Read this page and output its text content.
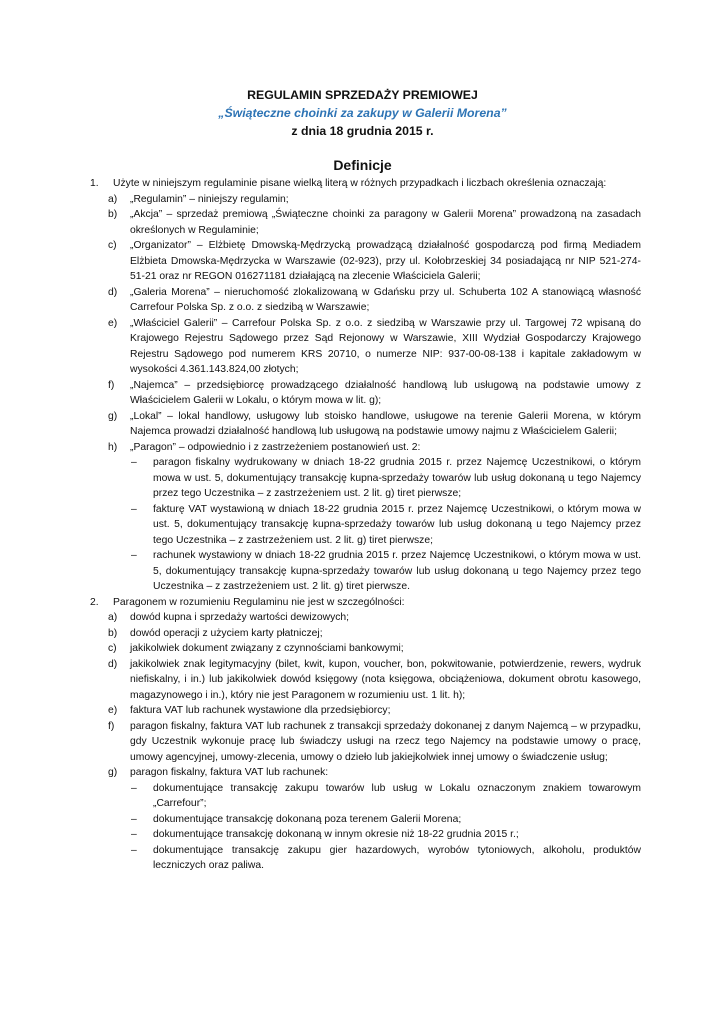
REGULAMIN SPRZEDAŻY PREMIOWEJ
„Świąteczne choinki za zakupy w Galerii Morena”
z dnia 18 grudnia 2015 r.
Definicje
1. Użyte w niniejszym regulaminie pisane wielką literą w różnych przypadkach i liczbach określenia oznaczają:
a) „Regulamin” – niniejszy regulamin;
b) „Akcja” – sprzedaż premiową „Świąteczne choinki za paragony w Galerii Morena” prowadzoną na zasadach określonych w Regulaminie;
c) „Organizator” – Elżbietę Dmowską-Mędrzycką prowadzącą działalność gospodarczą pod firmą Mediadem Elżbieta Dmowska-Mędrzycka w Warszawie (02-923), przy ul. Kołobrzeskiej 34 posiadającą nr NIP 521-274-51-21 oraz nr REGON 016271181 działającą na zlecenie Właściciela Galerii;
d) „Galeria Morena” – nieruchomość zlokalizowaną w Gdańsku przy ul. Schuberta 102 A stanowiącą własność Carrefour Polska Sp. z o.o. z siedzibą w Warszawie;
e) „Właściciel Galerii” – Carrefour Polska Sp. z o.o. z siedzibą w Warszawie przy ul. Targowej 72 wpisaną do Krajowego Rejestru Sądowego przez Sąd Rejonowy w Warszawie, XIII Wydział Gospodarczy Krajowego Rejestru Sądowego pod numerem KRS 20710, o numerze NIP: 937-00-08-138 i kapitale zakładowym w wysokości 4.361.143.824,00 złotych;
f) „Najemca” – przedsiębiorcę prowadzącego działalność handlową lub usługową na podstawie umowy z Właścicielem Galerii w Lokalu, o którym mowa w lit. g);
g) „Lokal” – lokal handlowy, usługowy lub stoisko handlowe, usługowe na terenie Galerii Morena, w którym Najemca prowadzi działalność handlową lub usługową na podstawie umowy najmu z Właścicielem Galerii;
h) „Paragon” – odpowiednio i z zastrzeżeniem postanowień ust. 2:
– paragon fiskalny wydrukowany w dniach 18-22 grudnia 2015 r. przez Najemcę Uczestnikowi, o którym mowa w ust. 5, dokumentujący transakcję kupna-sprzedaży towarów lub usług dokonaną u tego Najemcy przez tego Uczestnika – z zastrzeżeniem ust. 2 lit. g) tiret pierwsze;
– fakturę VAT wystawioną w dniach 18-22 grudnia 2015 r. przez Najemcę Uczestnikowi, o którym mowa w ust. 5, dokumentujący transakcję kupna-sprzedaży towarów lub usług dokonaną u tego Najemcy przez tego Uczestnika – z zastrzeżeniem ust. 2 lit. g) tiret pierwsze;
– rachunek wystawiony w dniach 18-22 grudnia 2015 r. przez Najemcę Uczestnikowi, o którym mowa w ust. 5, dokumentujący transakcję kupna-sprzedaży towarów lub usług dokonaną u tego Najemcy przez tego Uczestnika – z zastrzeżeniem ust. 2 lit. g) tiret pierwsze.
2. Paragonem w rozumieniu Regulaminu nie jest w szczególności:
a) dowód kupna i sprzedaży wartości dewizowych;
b) dowód operacji z użyciem karty płatniczej;
c) jakikolwiek dokument związany z czynnościami bankowymi;
d) jakikolwiek znak legitymacyjny (bilet, kwit, kupon, voucher, bon, pokwitowanie, potwierdzenie, rewers, wydruk niefiskalny, i in.) lub jakikolwiek dowód księgowy (nota księgowa, obciążeniowa, dokument obrotu kasowego, magazynowego i in.), który nie jest Paragonem w rozumieniu ust. 1 lit. h);
e) faktura VAT lub rachunek wystawione dla przedsiębiorcy;
f) paragon fiskalny, faktura VAT lub rachunek z transakcji sprzedaży dokonanej z danym Najemcą – w przypadku, gdy Uczestnik wykonuje pracę lub świadczy usługi na rzecz tego Najemcy na podstawie umowy o pracę, umowy agencyjnej, umowy-zlecenia, umowy o dzieło lub jakiejkolwiek innej umowy o świadczenie usług;
g) paragon fiskalny, faktura VAT lub rachunek:
– dokumentujące transakcję zakupu towarów lub usług w Lokalu oznaczonym znakiem towarowym „Carrefour”;
– dokumentujące transakcję dokonaną poza terenem Galerii Morena;
– dokumentujące transakcję dokonaną w innym okresie niż 18-22 grudnia 2015 r.;
– dokumentujące transakcję zakupu gier hazardowych, wyrobów tytoniowych, alkoholu, produktów leczniczych oraz paliwa.
